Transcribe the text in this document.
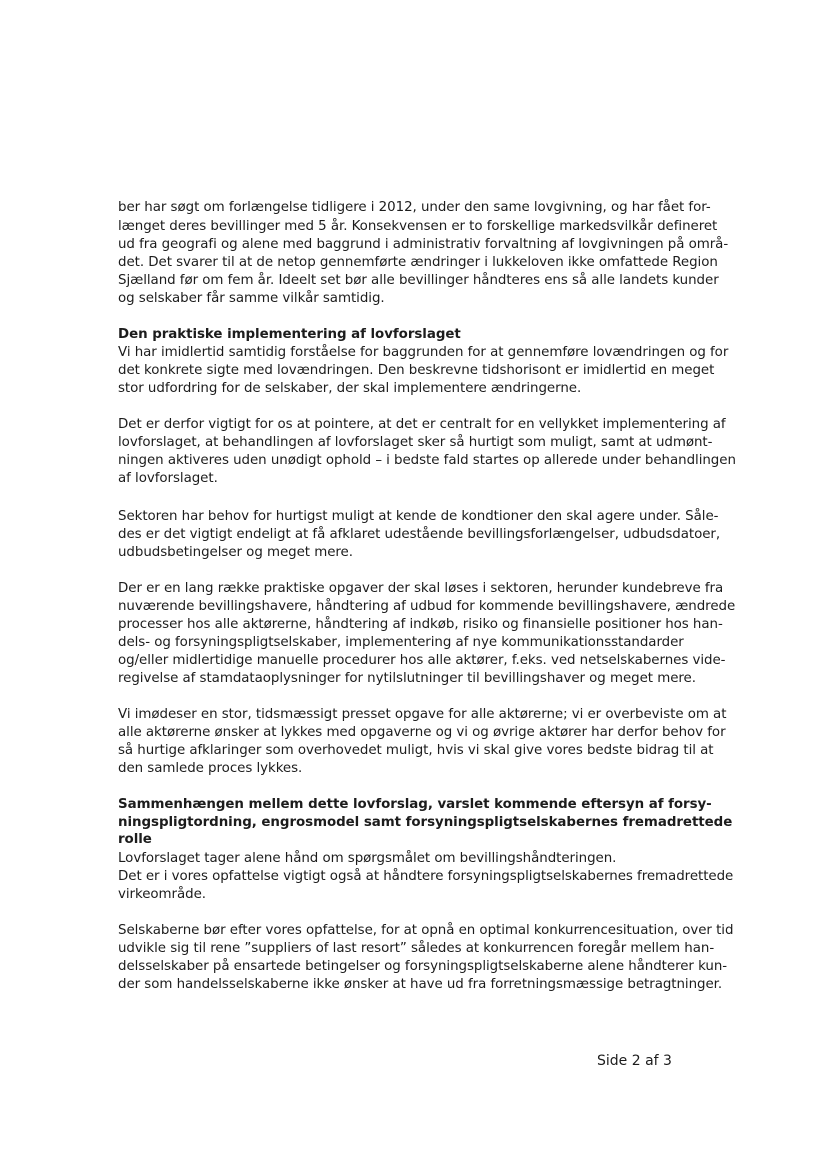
ber har søgt om forlængelse tidligere i 2012, under den same lovgivning, og har fået for-
længet deres bevillinger med 5 år. Konsekvensen er to forskellige markedsvilkår defineret
ud fra geografi og alene med baggrund i administrativ forvaltning af lovgivningen på områ-
det. Det svarer til at de netop gennemførte ændringer i lukkeloven ikke omfattede Region
Sjælland før om fem år. Ideelt set bør alle bevillinger håndteres ens så alle landets kunder
og selskaber får samme vilkår samtidig.
Den praktiske implementering af lovforslaget
Vi har imidlertid samtidig forståelse for baggrunden for at gennemføre lovændringen og for
det konkrete sigte med lovændringen. Den beskrevne tidshorisont er imidlertid en meget
stor udfordring for de selskaber, der skal implementere ændringerne.
Det er derfor vigtigt for os at pointere, at det er centralt for en vellykket implementering af
lovforslaget, at behandlingen af lovforslaget sker så hurtigt som muligt, samt at udmønt-
ningen aktiveres uden unødigt ophold – i bedste fald startes op allerede under behandlingen
af lovforslaget.
Sektoren har behov for hurtigst muligt at kende de kondtioner den skal agere under. Såle-
des er det vigtigt endeligt at få afklaret udestående bevillingsforlængelser, udbudsdatoer,
udbudsbetingelser og meget mere.
Der er en lang række praktiske opgaver der skal løses i sektoren, herunder kundebreve fra
nuværende bevillingshavere, håndtering af udbud for kommende bevillingshavere, ændrede
processer hos alle aktørerne, håndtering af indkøb, risiko og finansielle positioner hos han-
dels- og forsyningspligtselskaber, implementering af nye kommunikationsstandarder
og/eller midlertidige manuelle procedurer hos alle aktører, f.eks. ved netselskabernes vide-
regivelse af stamdataoplysninger for nytilslutninger til bevillingshaver og meget mere.
Vi imødeser en stor, tidsmæssigt presset opgave for alle aktørerne; vi er overbeviste om at
alle aktørerne ønsker at lykkes med opgaverne og vi og øvrige aktører har derfor behov for
så hurtige afklaringer som overhovedet muligt, hvis vi skal give vores bedste bidrag til at
den samlede proces lykkes.
Sammenhængen mellem dette lovforslag, varslet kommende eftersyn af forsy-
ningspligtordning, engrosmodel samt forsyningspligtselskabernes fremadrettede
rolle
Lovforslaget tager alene hånd om spørgsmålet om bevillingshåndteringen.
Det er i vores opfattelse vigtigt også at håndtere forsyningspligtselskabernes fremadrettede
virkeområde.
Selskaberne bør efter vores opfattelse, for at opnå en optimal konkurrencesituation, over tid
udvikle sig til rene ”suppliers of last resort” således at konkurrencen foregår mellem han-
delsselskaber på ensartede betingelser og forsyningspligtselskaberne alene håndterer kun-
der som handelsselskaberne ikke ønsker at have ud fra forretningsmæssige betragtninger.
Side 2 af 3
